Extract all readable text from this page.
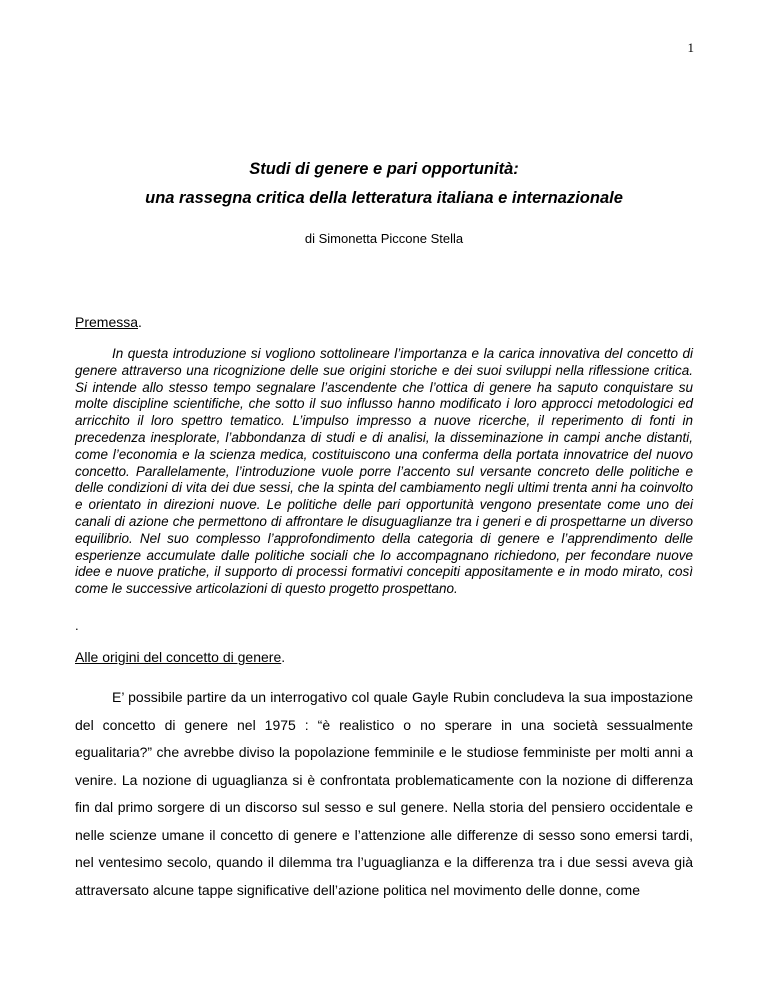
1
Studi di genere e pari opportunità:
una rassegna critica della letteratura italiana e internazionale
di Simonetta Piccone Stella
Premessa.

In questa introduzione si vogliono sottolineare l’importanza e la carica innovativa del concetto di genere attraverso una ricognizione delle sue origini storiche e dei suoi sviluppi nella riflessione critica. Si intende allo stesso tempo segnalare l’ascendente che l’ottica di genere ha saputo conquistare su molte discipline scientifiche, che sotto il suo influsso hanno modificato i loro approcci metodologici ed arricchito il loro spettro tematico. L’impulso impresso a nuove ricerche, il reperimento di fonti in precedenza inesplorate, l’abbondanza di studi e di analisi, la disseminazione in campi anche distanti, come l’economia e la scienza medica, costituiscono una conferma della portata innovatrice del nuovo concetto. Parallelamente, l’introduzione vuole porre l’accento sul versante concreto delle politiche e delle condizioni di vita dei due sessi, che la spinta del cambiamento negli ultimi trenta anni ha coinvolto e orientato in direzioni nuove. Le politiche delle pari opportunità vengono presentate come uno dei canali di azione che permettono di affrontare le disuguaglianze tra i generi e di prospettarne un diverso equilibrio. Nel suo complesso l’approfondimento della categoria di genere e l’apprendimento delle esperienze accumulate dalle politiche sociali che lo accompagnano richiedono, per fecondare nuove idee e nuove pratiche, il supporto di processi formativi concepiti appositamente e in modo mirato, così come le successive articolazioni di questo progetto prospettano.

.
Alle origini del concetto di genere.

E’ possibile partire da un interrogativo col quale Gayle Rubin concludeva la sua impostazione del concetto di genere nel 1975 : “è realistico o no sperare in una società sessualmente egualitaria?” che avrebbe diviso la popolazione femminile e le studiose femministe per molti anni a venire. La nozione di uguaglianza si è confrontata problematicamente con la nozione di differenza fin dal primo sorgere di un discorso sul sesso e sul genere. Nella storia del pensiero occidentale e nelle scienze umane il concetto di genere e l’attenzione alle differenze di sesso sono emersi tardi, nel ventesimo secolo, quando il dilemma tra l’uguaglianza e la differenza tra i due sessi aveva già attraversato alcune tappe significative dell’azione politica nel movimento delle donne, come
